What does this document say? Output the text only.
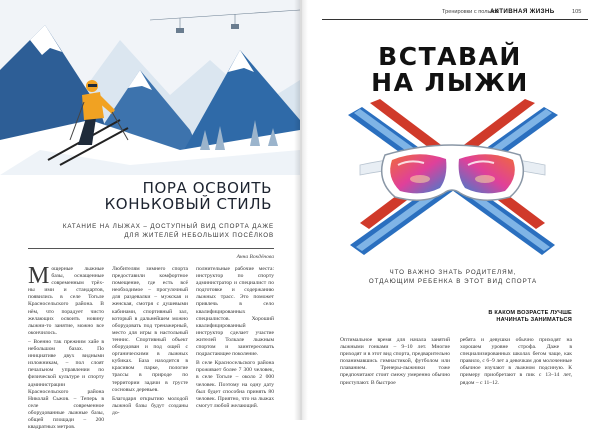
ПОРА ОСВОИТЬ
КОНЬКОВЫЙ СТИЛЬ
КАТАНИЕ НА ЛЫЖАХ – ДОСТУПНЫЙ ВИД СПОРТА ДАЖЕ
ДЛЯ ЖИТЕЛЕЙ НЕБОЛЬШИХ ПОСЁЛКОВ
Анна Вокдёнова
М ощерные лыжные базы, оснащенные современным трёх- ны ими и стандартов, появились в селе Тогьле Красносельского района. В нём, что порадует чисто желающих освоить новину лыжни-то занятие, можно все окончилось.

– Военно так прежним хайе в небольшом базах. По инициативе двух видными изложникам, – пол слоят печальном управлении по физической культуре и спорту администрации Красносельского района Николай Сьжов. – Теперь в селе современное оборудованные лыжные базы, общей площади – 200 квадратных метров.

Любителям зимнего спорта предоставили комфортное помещение, где есть всё необходимое – прогулочный для раздевалки – мужская и женская, смотря с душевыми кабинами, спортивный зал, который в дальнейшем можно оборудовать под тренажерный, место для игры в настольный теннис. Спортивный объект оборудован и под ощей с органическими в лыжных кубиках. База находится в красивом парке, пологие трассы в природе по территории задачи в грусте сосновых деревьев.

Благодаря открытию молодой лыжной базы будут созданы до-

полнительные рабочие места: инструктор по спорту администратор и специалист по подготовке и содержанию лыжных трасс. Это поможет привлечь в село квалифицированных специалистов. Хороший квалифицированный инструктор сделает участие жителей Толкале лыжным спортом и заинтересовать подрастающее поколение.

В селе Красносельского района проживает более 7 300 человек, в селе Тогьле – около 2 000 человек. Поэтому на одну дату был будет способна принять 80 человек. Приятно, что на лыжах смогут любой желающий.

Тренировки с пользой
АКТИВНАЯ ЖИЗНЬ	105
ВСТАВАЙ
НА ЛЫЖИ
ЧТО ВАЖНО ЗНАТЬ РОДИТЕЛЯМ,
ОТДАЮЩИМ РЕБЕНКА В ЭТОТ ВИД СПОРТА
В КАКОМ ВОЗРАСТЕ ЛУЧШЕ
НАЧИНАТЬ ЗАНИМАТЬСЯ
Оптимальное время для начала занятий лыжными гонками – 9–10 лет. Многие приходят и в этот вид спорта, предварительно позанимавшись гимнастикой, футболом или плаванием. Тренеры-лыжники тоже предпочитают стоит смежу умеренно обычно приступают. В быстрое
ребята и девушки обычно приходят на хорошем уровне строфа. Даже в специализированных школах бегом чаще, как правило, с 6–9 лет а девочкам доя молоченные обычное изучают в лыжном подсиную. К примеру приобретают в пик с 13–14 лет, рядом – с 11–12.
